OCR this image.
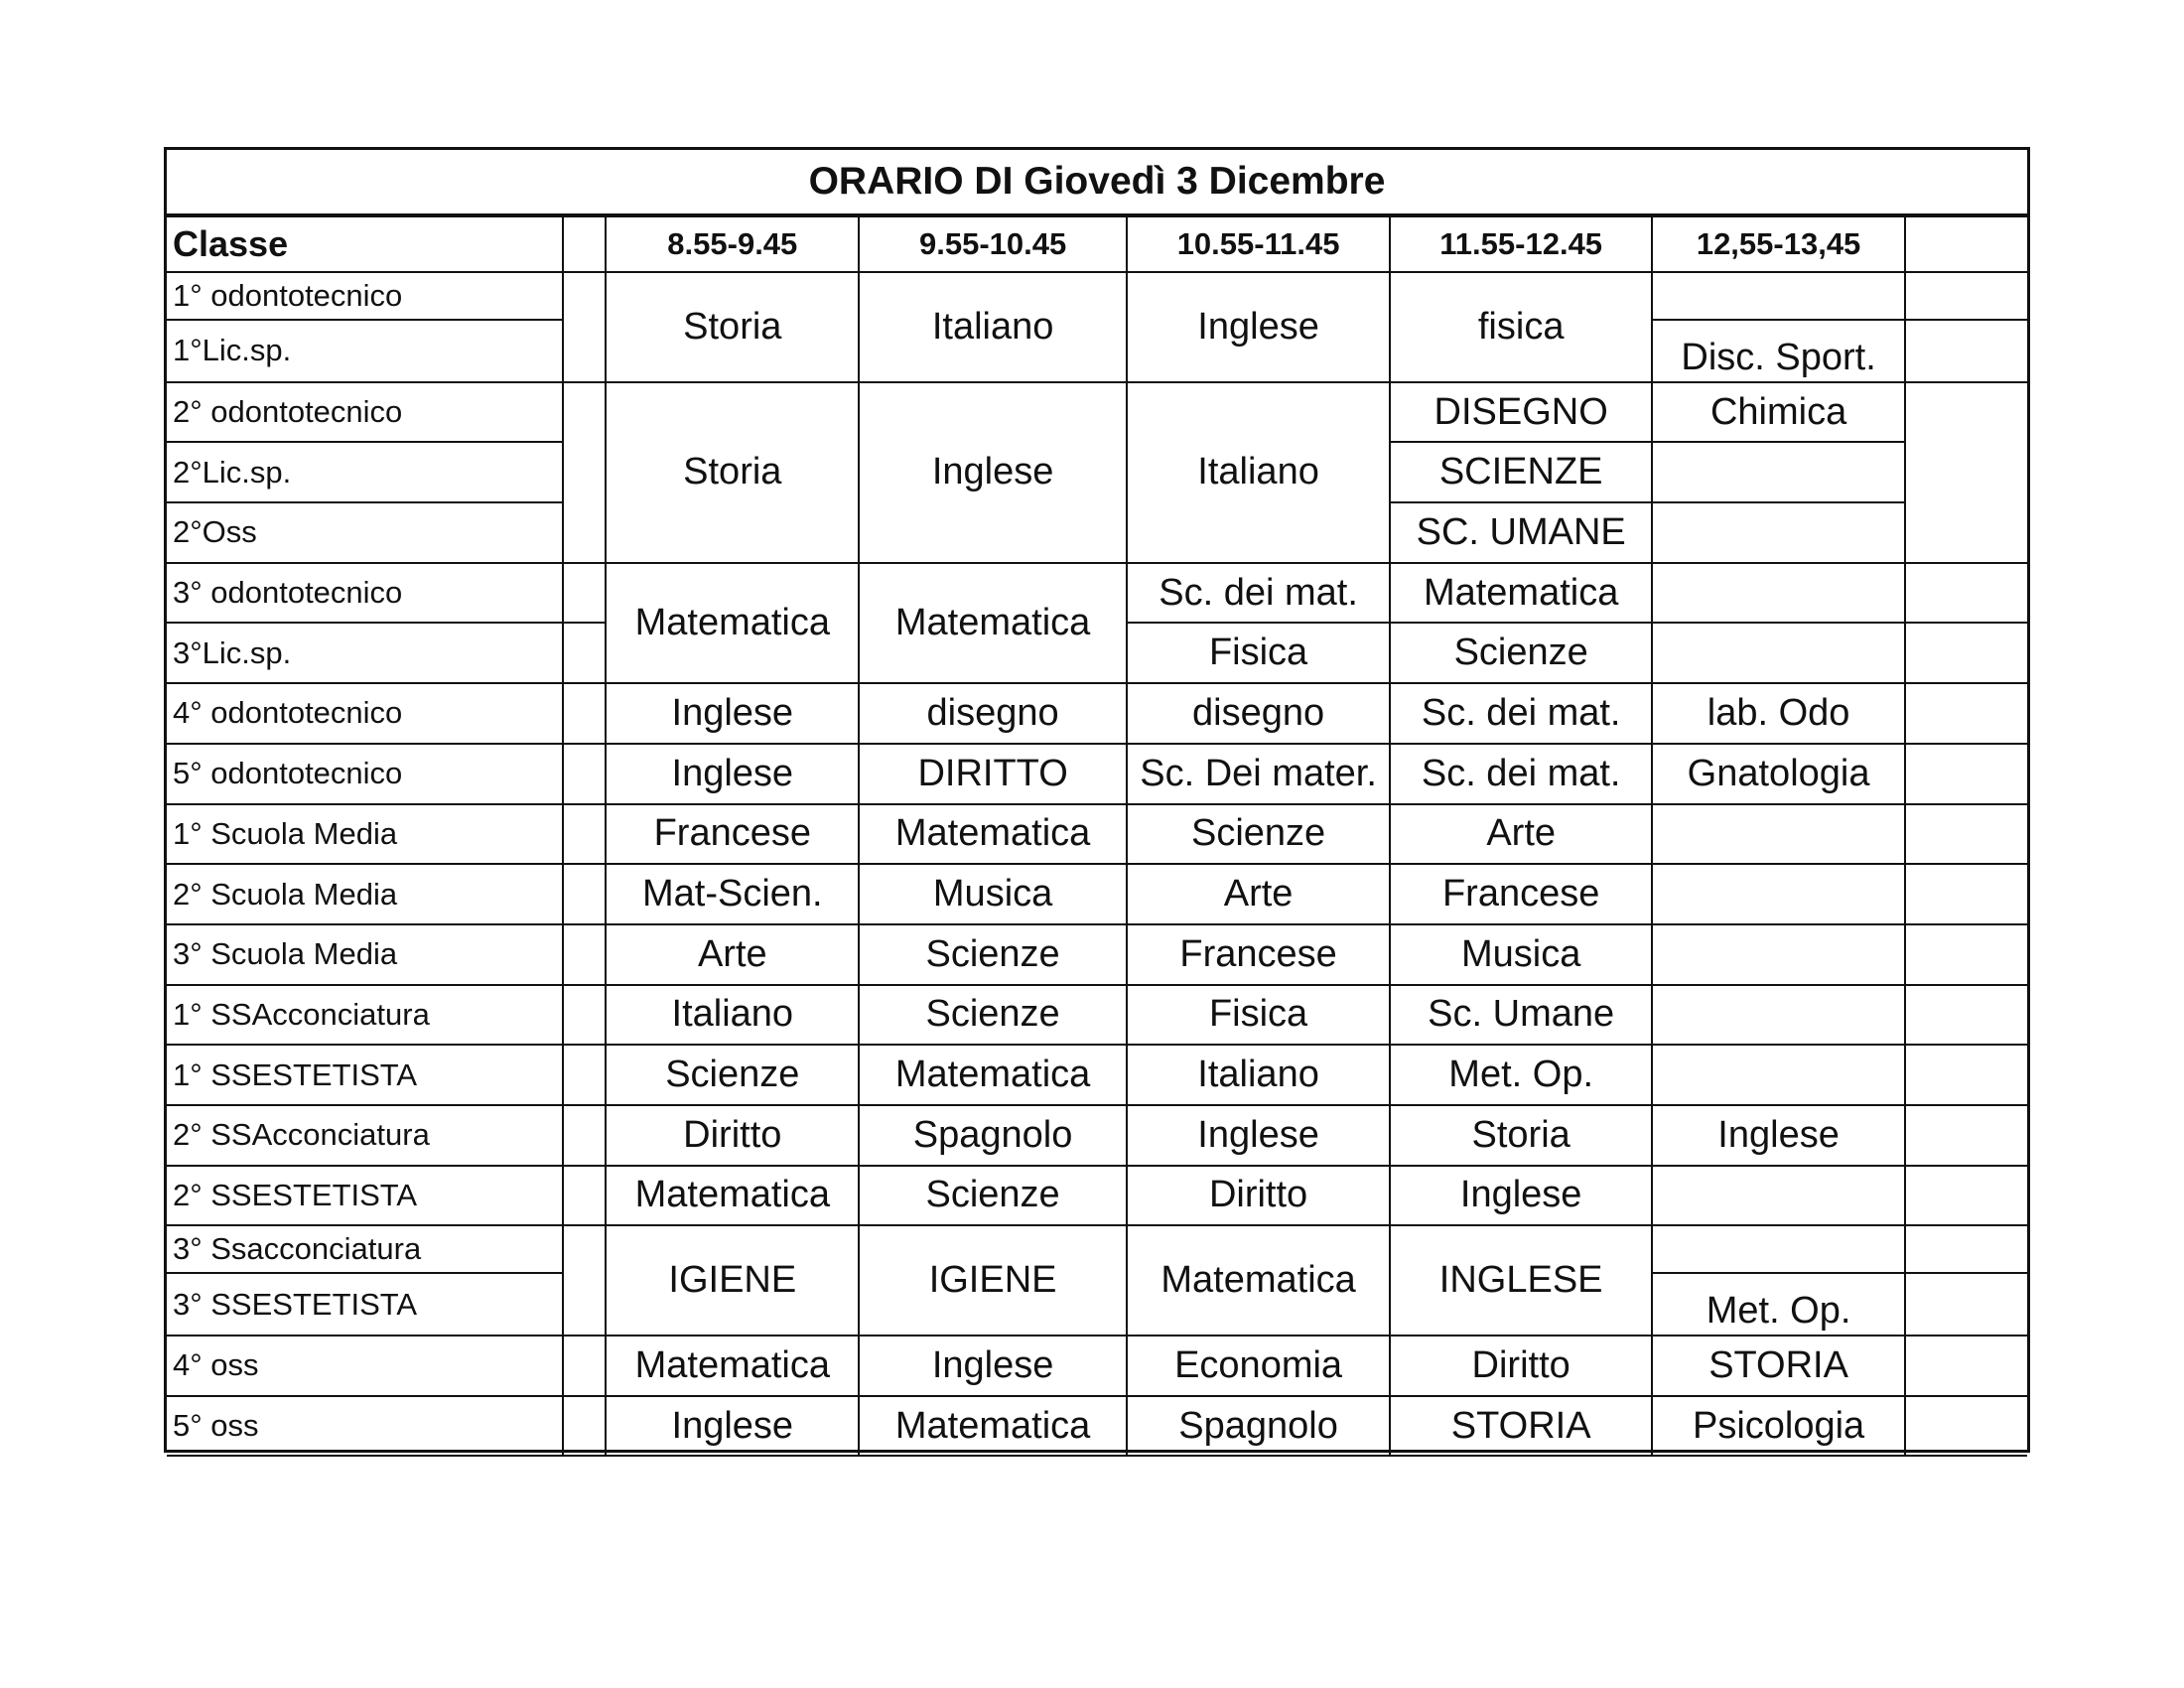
ORARIO DI Giovedì 3 Dicembre
Classe		8.55-9.45	9.55-10.45	10.55-11.45	11.55-12.45	12,55-13,45	
1° odontotecnico		Storia	Italiano	Inglese	fisica		
1°Lic.sp.						Disc. Sport.	
2° odontotecnico		Storia	Inglese	Italiano	DISEGNO	Chimica	
2°Lic.sp.					SCIENZE		
2°Oss					SC. UMANE		
3° odontotecnico		Matematica	Matematica	Sc. dei mat.	Matematica		
3°Lic.sp.				Fisica	Scienze		
4° odontotecnico		Inglese	disegno	disegno	Sc. dei mat.	lab. Odo	
5° odontotecnico		Inglese	DIRITTO	Sc. Dei mater.	Sc. dei mat.	Gnatologia	
1° Scuola Media		Francese	Matematica	Scienze	Arte		
2° Scuola Media		Mat-Scien.	Musica	Arte	Francese		
3° Scuola Media		Arte	Scienze	Francese	Musica		
1° SSAcconciatura		Italiano	Scienze	Fisica	Sc. Umane		
1° SSESTETISTA		Scienze	Matematica	Italiano	Met. Op.		
2° SSAcconciatura		Diritto	Spagnolo	Inglese	Storia	Inglese	
2° SSESTETISTA		Matematica	Scienze	Diritto	Inglese		
3° Ssacconciatura		IGIENE	IGIENE	Matematica	INGLESE		
3° SSESTETISTA						Met. Op.	
4° oss		Matematica	Inglese	Economia	Diritto	STORIA	
5° oss		Inglese	Matematica	Spagnolo	STORIA	Psicologia	
